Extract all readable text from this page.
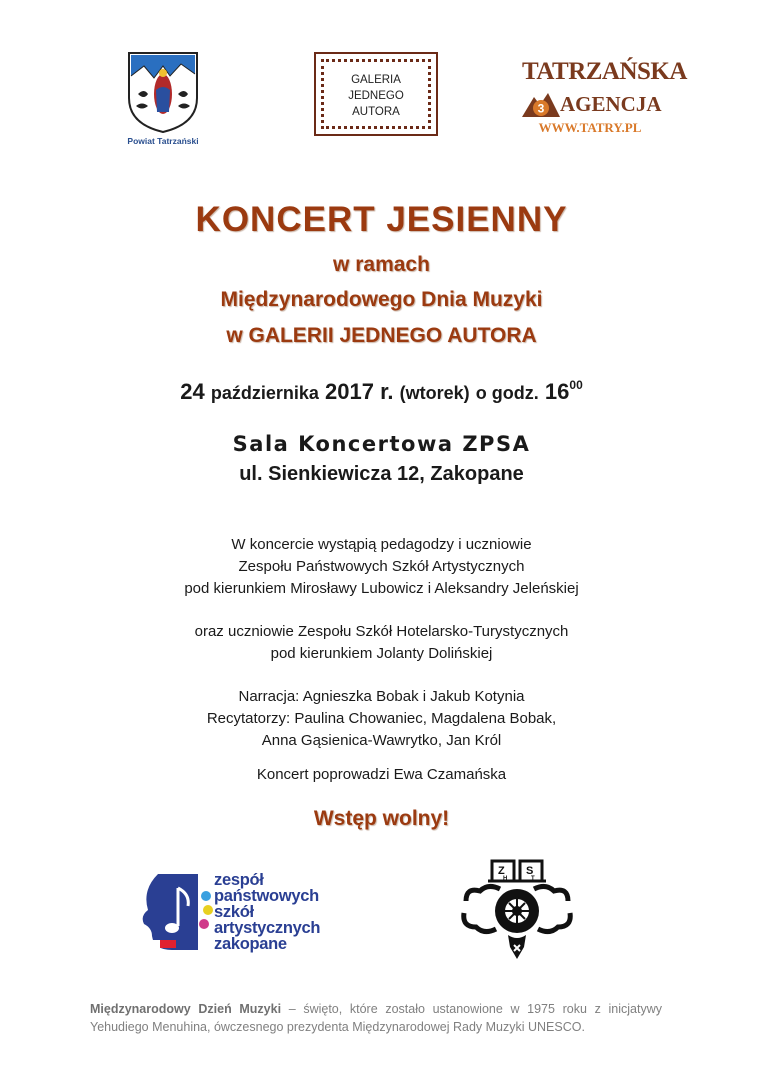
Powiat Tatrzański
GALERIA
JEDNEGO
AUTORA
TATRZAŃSKA
3 AGENCJA
WWW.TATRY.PL
KONCERT JESIENNY
w ramach
Międzynarodowego Dnia Muzyki
w GALERII JEDNEGO AUTORA
24 października 2017 r. (wtorek) o godz. $16^{00}$
Sala Koncertowa ZPSA
ul. Sienkiewicza 12, Zakopane
W koncercie wystąpią pedagodzy i uczniowie
Zespołu Państwowych Szkół Artystycznych
pod kierunkiem Mirosławy Lubowicz i Aleksandry Jeleńskiej
oraz uczniowie Zespołu Szkół Hotelarsko-Turystycznych
pod kierunkiem Jolanty Dolińskiej
Narracja: Agnieszka Bobak i Jakub Kotynia
Recytatorzy: Paulina Chowaniec, Magdalena Bobak,
Anna Gąsienica-Wawrytko, Jan Król
Koncert poprowadzi Ewa Czamańska
Wstęp wolny!
zespół
państwowych
szkół
artystycznych
zakopane
Z S
H	T
Międzynarodowy Dzień Muzyki – święto, które zostało ustanowione w 1975 roku z inicjatywy Yehudiego Menuhina, ówczesnego prezydenta Międzynarodowej Rady Muzyki UNESCO.
